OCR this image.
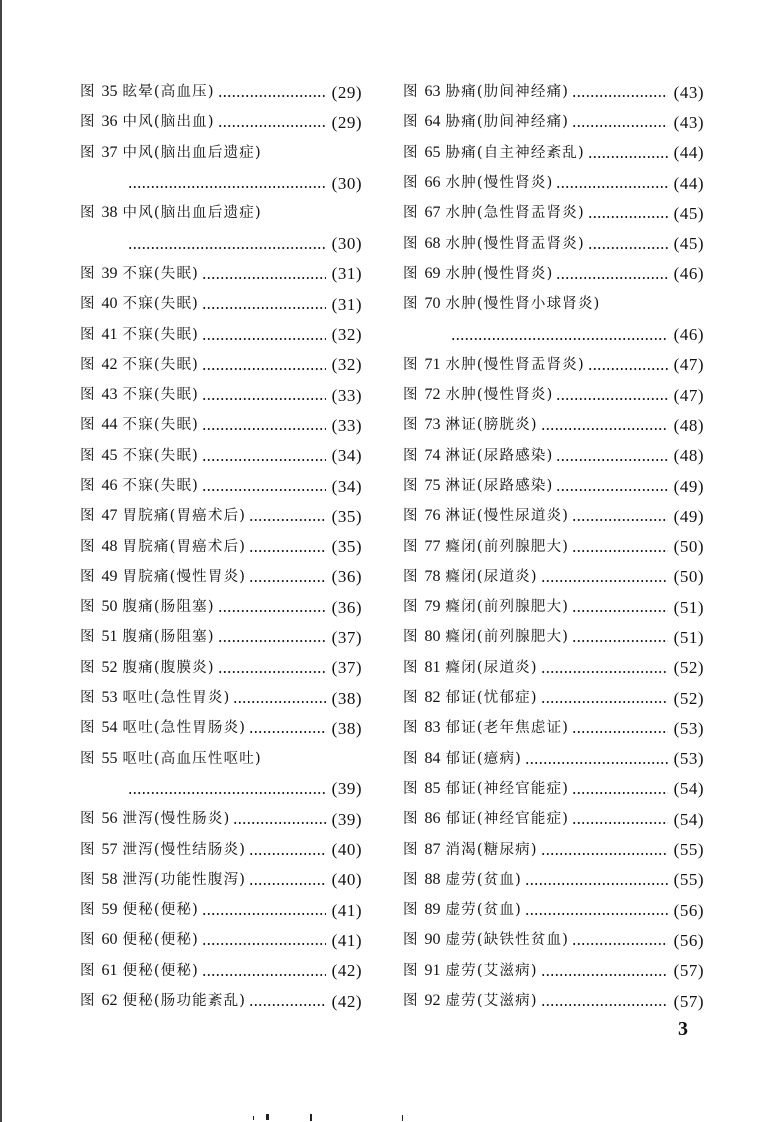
图 35 眩晕(高血压)	(29)
图 36 中风(脑出血)	(29)
图 37 中风(脑出血后遗症)
(30)
图 38 中风(脑出血后遗症)
(30)
图 39 不寐(失眠)	(31)
图 40 不寐(失眠)	(31)
图 41 不寐(失眠)	(32)
图 42 不寐(失眠)	(32)
图 43 不寐(失眠)	(33)
图 44 不寐(失眠)	(33)
图 45 不寐(失眠)	(34)
图 46 不寐(失眠)	(34)
图 47 胃脘痛(胃癌术后)	(35)
图 48 胃脘痛(胃癌术后)	(35)
图 49 胃脘痛(慢性胃炎)	(36)
图 50 腹痛(肠阻塞)	(36)
图 51 腹痛(肠阻塞)	(37)
图 52 腹痛(腹膜炎)	(37)
图 53 呕吐(急性胃炎)	(38)
图 54 呕吐(急性胃肠炎)	(38)
图 55 呕吐(高血压性呕吐)
(39)
图 56 泄泻(慢性肠炎)	(39)
图 57 泄泻(慢性结肠炎)	(40)
图 58 泄泻(功能性腹泻)	(40)
图 59 便秘(便秘)	(41)
图 60 便秘(便秘)	(41)
图 61 便秘(便秘)	(42)
图 62 便秘(肠功能紊乱)	(42)
图 63 胁痛(肋间神经痛)	(43)
图 64 胁痛(肋间神经痛)	(43)
图 65 胁痛(自主神经紊乱)	(44)
图 66 水肿(慢性肾炎)	(44)
图 67 水肿(急性肾盂肾炎)	(45)
图 68 水肿(慢性肾盂肾炎)	(45)
图 69 水肿(慢性肾炎)	(46)
图 70 水肿(慢性肾小球肾炎)
(46)
图 71 水肿(慢性肾盂肾炎)	(47)
图 72 水肿(慢性肾炎)	(47)
图 73 淋证(膀胱炎)	(48)
图 74 淋证(尿路感染)	(48)
图 75 淋证(尿路感染)	(49)
图 76 淋证(慢性尿道炎)	(49)
图 77 癃闭(前列腺肥大)	(50)
图 78 癃闭(尿道炎)	(50)
图 79 癃闭(前列腺肥大)	(51)
图 80 癃闭(前列腺肥大)	(51)
图 81 癃闭(尿道炎)	(52)
图 82 郁证(忧郁症)	(52)
图 83 郁证(老年焦虑证)	(53)
图 84 郁证(癔病)	(53)
图 85 郁证(神经官能症)	(54)
图 86 郁证(神经官能症)	(54)
图 87 消渴(糖尿病)	(55)
图 88 虚劳(贫血)	(55)
图 89 虚劳(贫血)	(56)
图 90 虚劳(缺铁性贫血)	(56)
图 91 虚劳(艾滋病)	(57)
图 92 虚劳(艾滋病)	(57)
3
